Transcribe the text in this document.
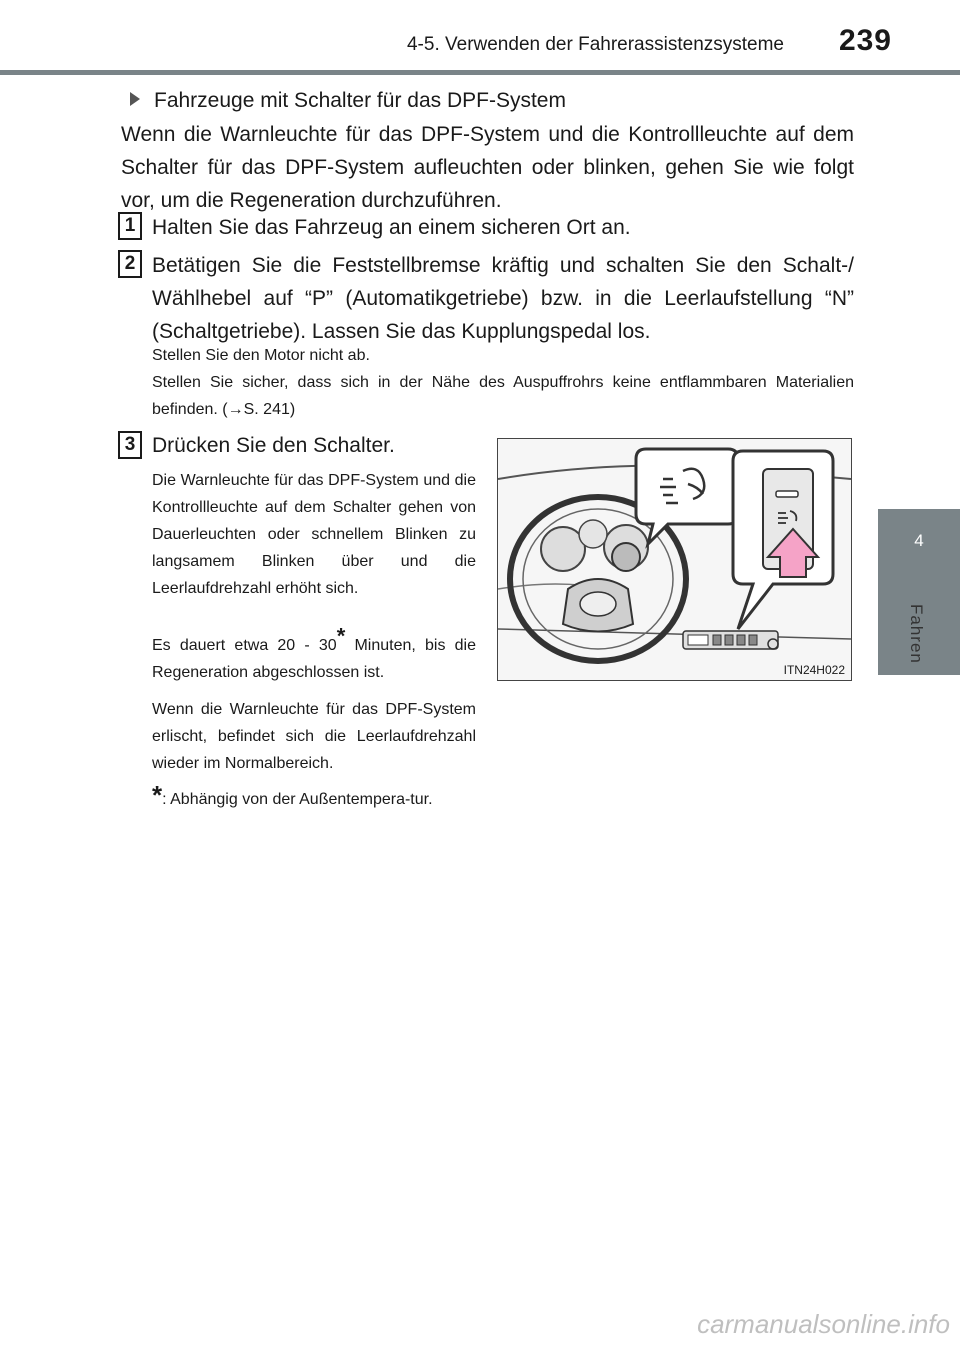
4-5. Verwenden der Fahrerassistenzsysteme 239
4
Fahren
Fahrzeuge mit Schalter für das DPF-System
Wenn die Warnleuchte für das DPF-System und die Kontrollleuchte auf dem Schalter für das DPF-System aufleuchten oder blinken, gehen Sie wie folgt vor, um die Regeneration durchzuführen.
1 Halten Sie das Fahrzeug an einem sicheren Ort an.
2 Betätigen Sie die Feststellbremse kräftig und schalten Sie den Schalt-/ Wählhebel auf “P” (Automatikgetriebe) bzw. in die Leerlaufstellung “N” (Schaltgetriebe). Lassen Sie das Kupplungspedal los.
Stellen Sie den Motor nicht ab.
Stellen Sie sicher, dass sich in der Nähe des Auspuffrohrs keine entflammbaren Materialien befinden. (→S. 241)
3 Drücken Sie den Schalter.
Die Warnleuchte für das DPF-System und die Kontrollleuchte auf dem Schalter gehen von Dauerleuchten oder schnellem Blinken zu langsamem Blinken über und die Leerlaufdrehzahl erhöht sich.
Es dauert etwa 20 - 30* Minuten, bis die Regeneration abgeschlossen ist.
Wenn die Warnleuchte für das DPF-System erlischt, befindet sich die Leerlaufdrehzahl wieder im Normalbereich.
*: Abhängig von der Außentempera-tur.
ITN24H022
carmanualsonline.info
